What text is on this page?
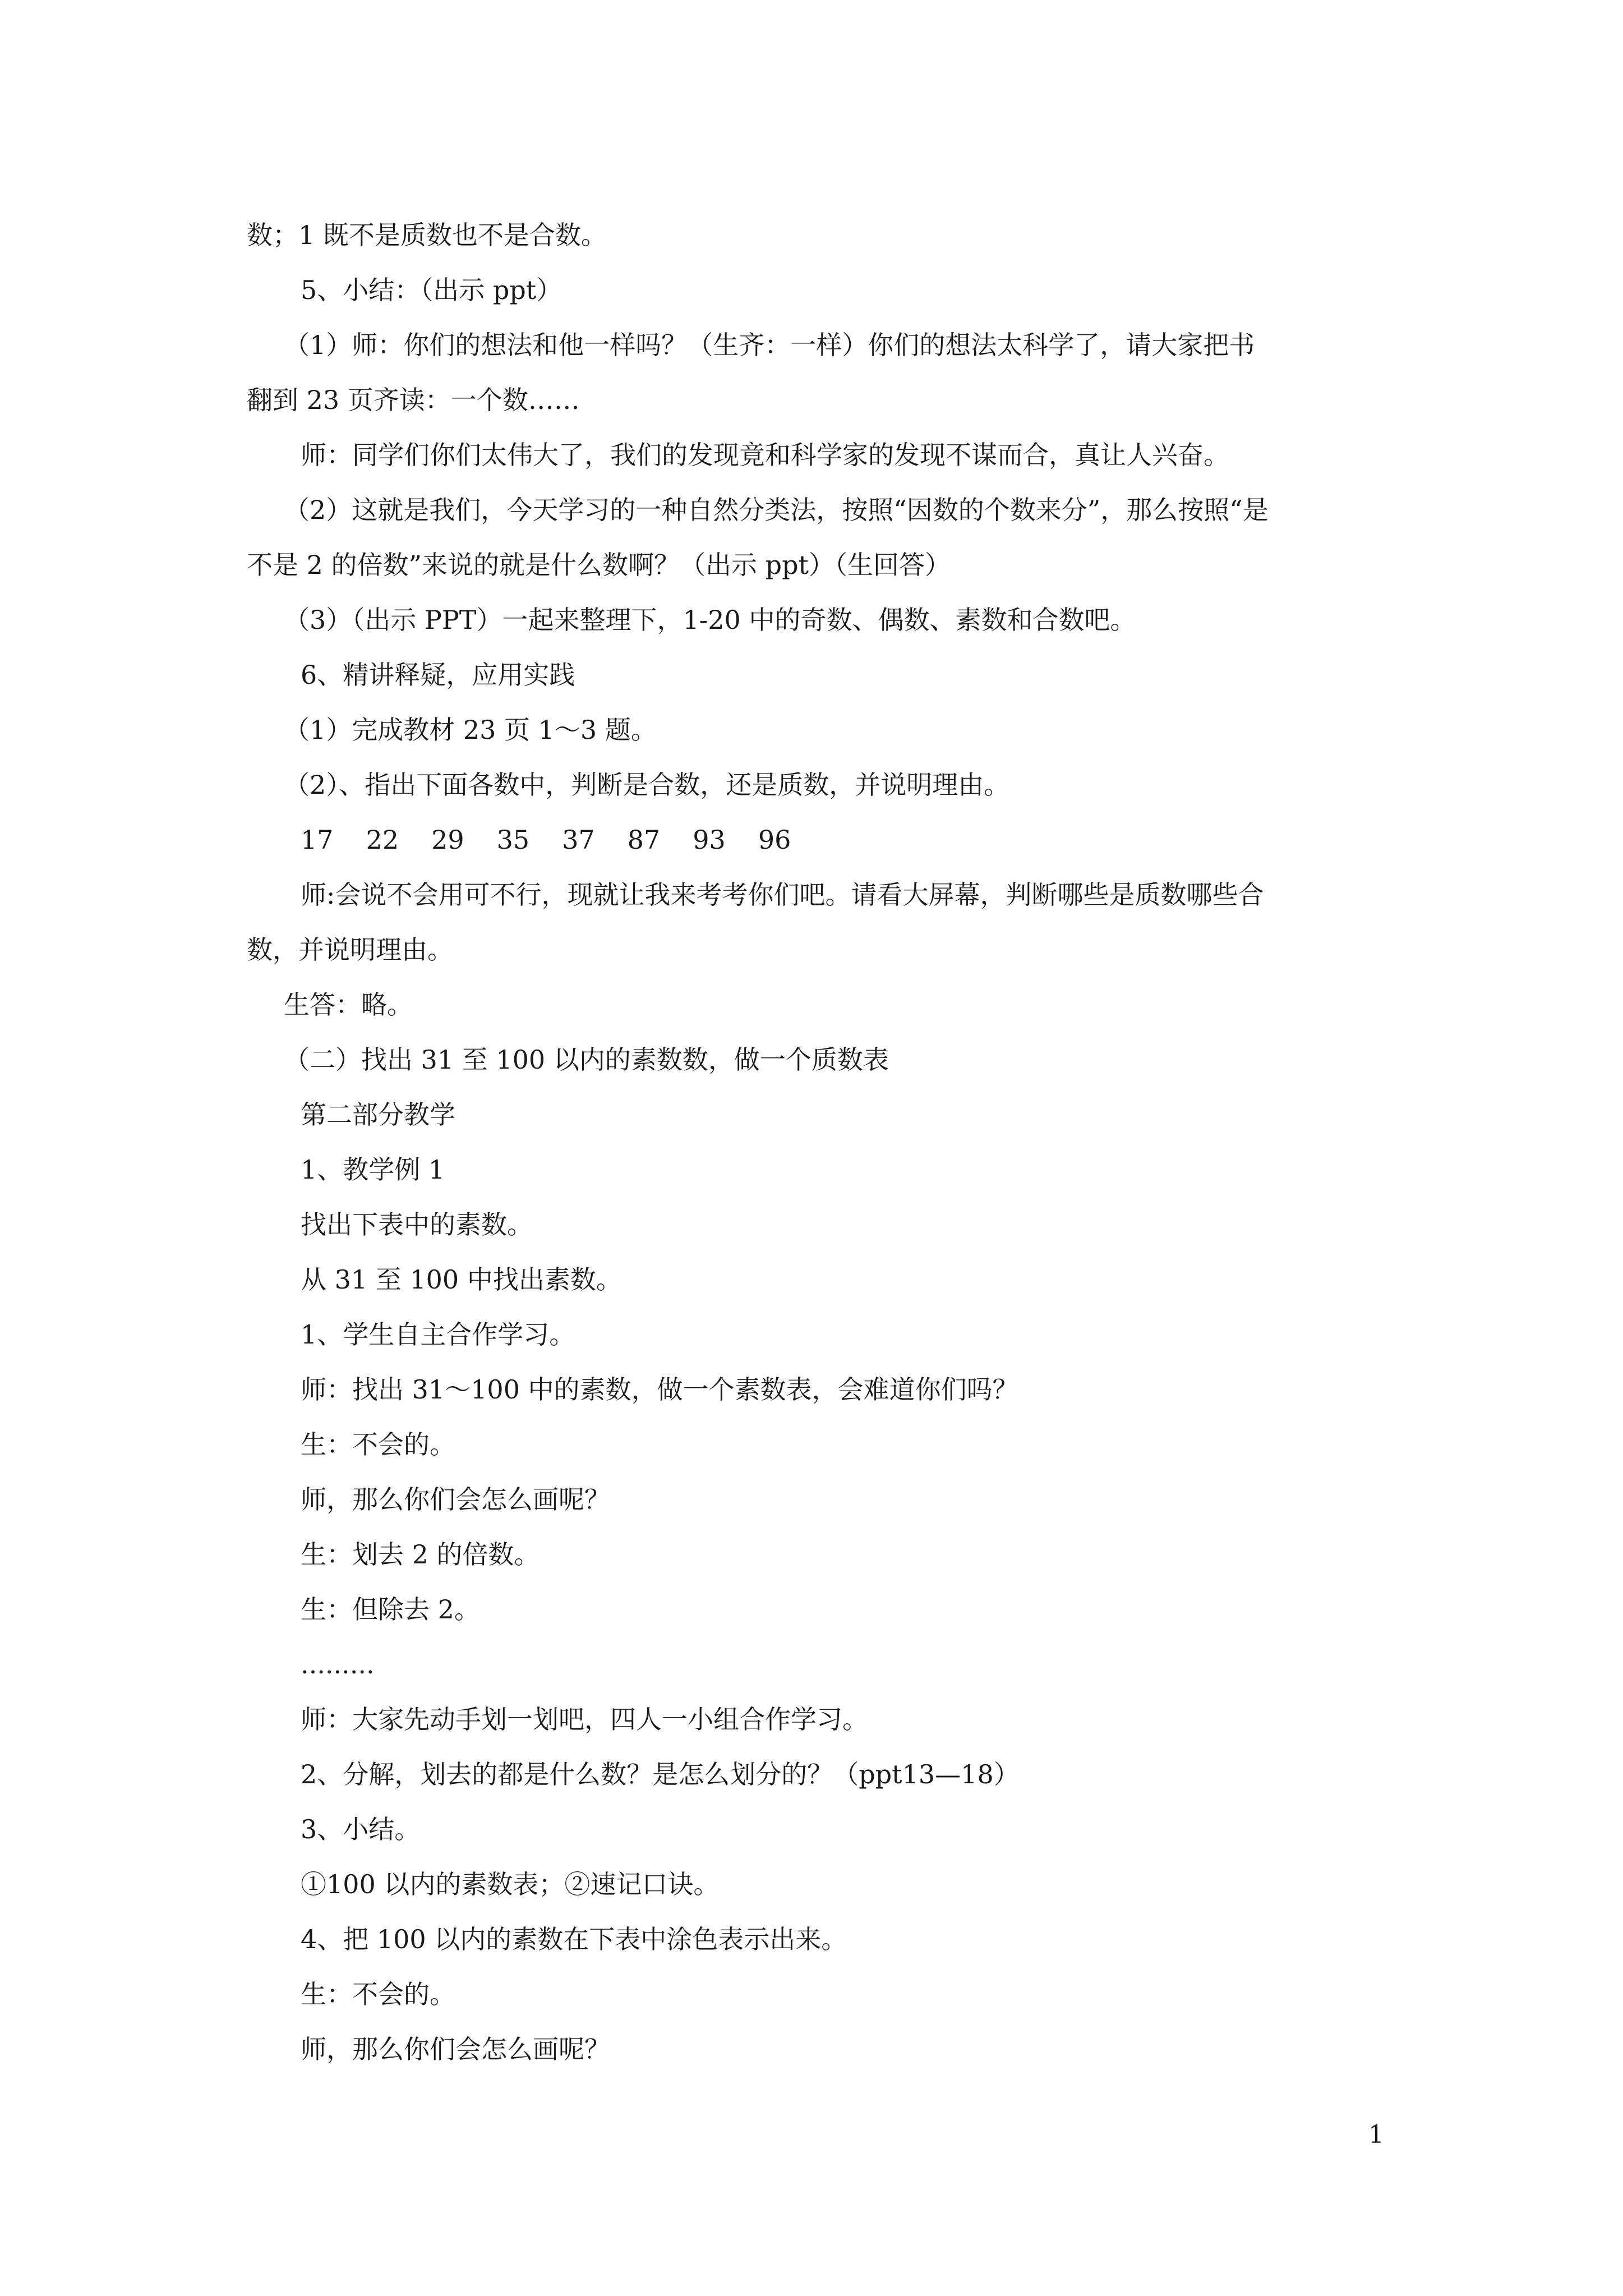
数；1 既不是质数也不是合数。

5、小结：（出示 ppt）

（1）师：你们的想法和他一样吗？（生齐：一样）你们的想法太科学了，请大家把书

翻到 23 页齐读：一个数……

师：同学们你们太伟大了，我们的发现竟和科学家的发现不谋而合，真让人兴奋。

（2）这就是我们，今天学习的一种自然分类法，按照“因数的个数来分”，那么按照“是

不是 2 的倍数”来说的就是什么数啊？（出示 ppt）（生回答）

（3）（出示 PPT）一起来整理下，1-20 中的奇数、偶数、素数和合数吧。

6、精讲释疑，应用实践

（1）完成教材 23 页 1～3 题。

（2）、指出下面各数中，判断是合数，还是质数，并说明理由。

17 22 29 35 37 87 93 96

师:会说不会用可不行，现就让我来考考你们吧。请看大屏幕，判断哪些是质数哪些合

数，并说明理由。

生答：略。

（二）找出 31 至 100 以内的素数数，做一个质数表

第二部分教学

1、教学例 1

找出下表中的素数。

从 31 至 100 中找出素数。

1、学生自主合作学习。

师：找出 31～100 中的素数，做一个素数表，会难道你们吗？

生：不会的。

师，那么你们会怎么画呢？

生：划去 2 的倍数。

生：但除去 2。

.........

师：大家先动手划一划吧，四人一小组合作学习。

2、分解，划去的都是什么数？是怎么划分的？（ppt13—18）

3、小结。

①100 以内的素数表；②速记口诀。

4、把 100 以内的素数在下表中涂色表示出来。

生：不会的。

师，那么你们会怎么画呢？

1
